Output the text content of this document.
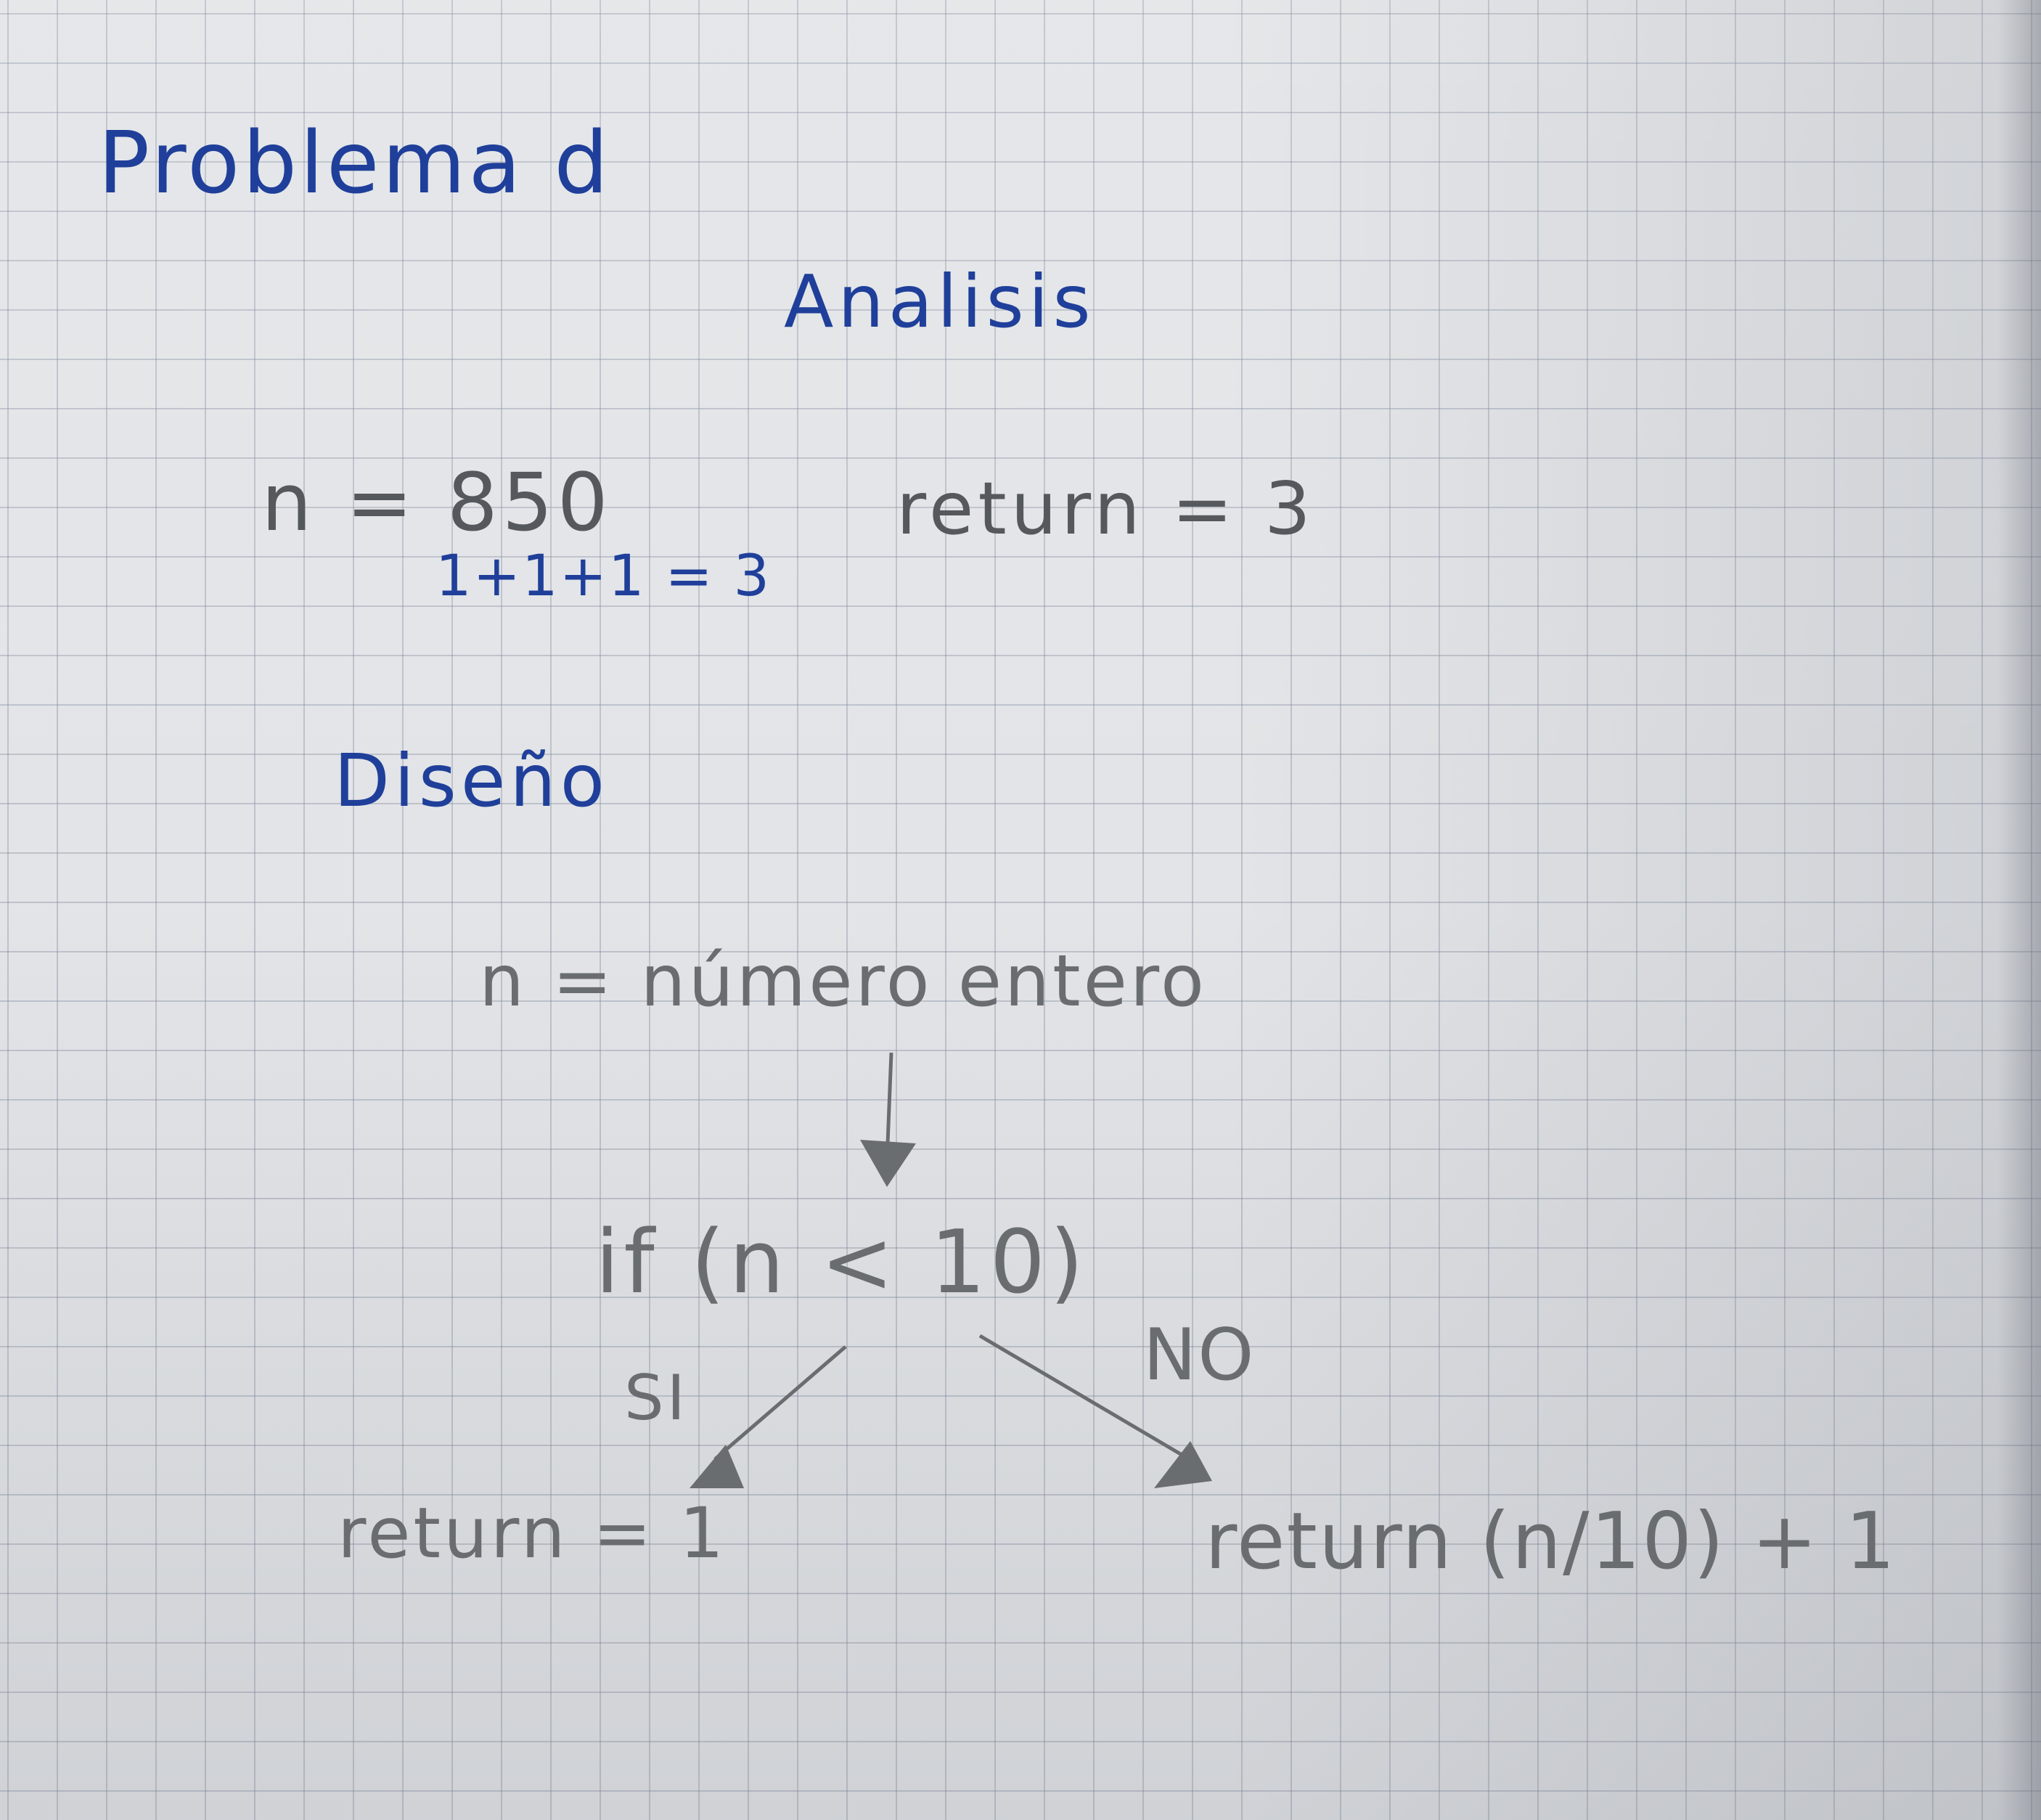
Problema d
Analisis
n = 850
1+1+1 = 3
return = 3
Diseño
n = número entero
if (n < 10)
SI
NO
return = 1	return (n/10) + 1
